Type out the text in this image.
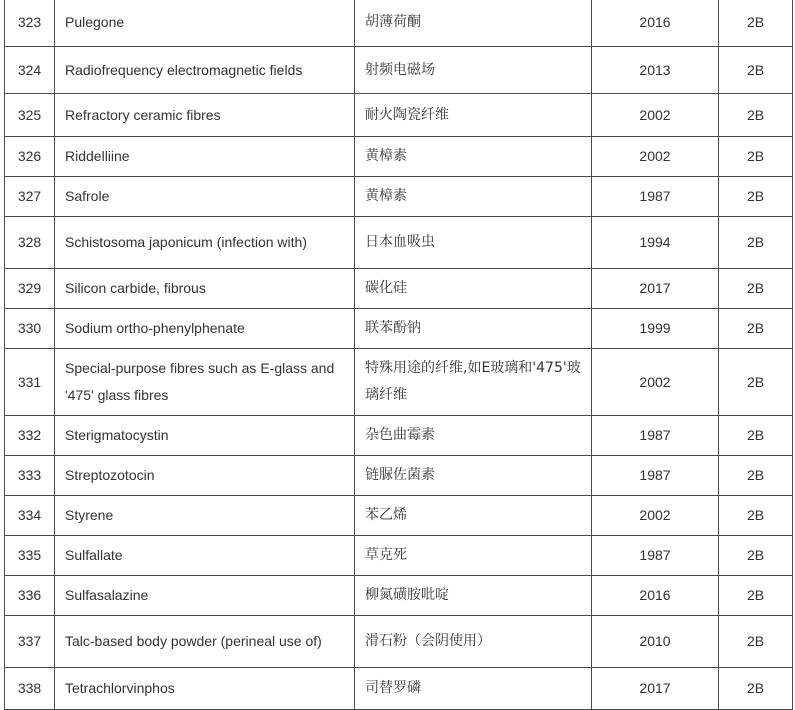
323	Pulegone	胡薄荷酮	2016	2B
324	Radiofrequency electromagnetic fields	射频电磁场	2013	2B
325	Refractory ceramic fibres	耐火陶瓷纤维	2002	2B
326	Riddelliine	黄樟素	2002	2B
327	Safrole	黄樟素	1987	2B
328	Schistosoma japonicum (infection with)	日本血吸虫	1994	2B
329	Silicon carbide, fibrous	碳化硅	2017	2B
330	Sodium ortho-phenylphenate	联苯酚钠	1999	2B
331	Special-purpose fibres such as E-glass and '475' glass fibres	特殊用途的纤维,如E玻璃和'475'玻璃纤维	2002	2B
332	Sterigmatocystin	杂色曲霉素	1987	2B
333	Streptozotocin	链脲佐菌素	1987	2B
334	Styrene	苯乙烯	2002	2B
335	Sulfallate	草克死	1987	2B
336	Sulfasalazine	柳氮磺胺吡啶	2016	2B
337	Talc-based body powder (perineal use of)	滑石粉（会阴使用）	2010	2B
338	Tetrachlorvinphos	司替罗磷	2017	2B
